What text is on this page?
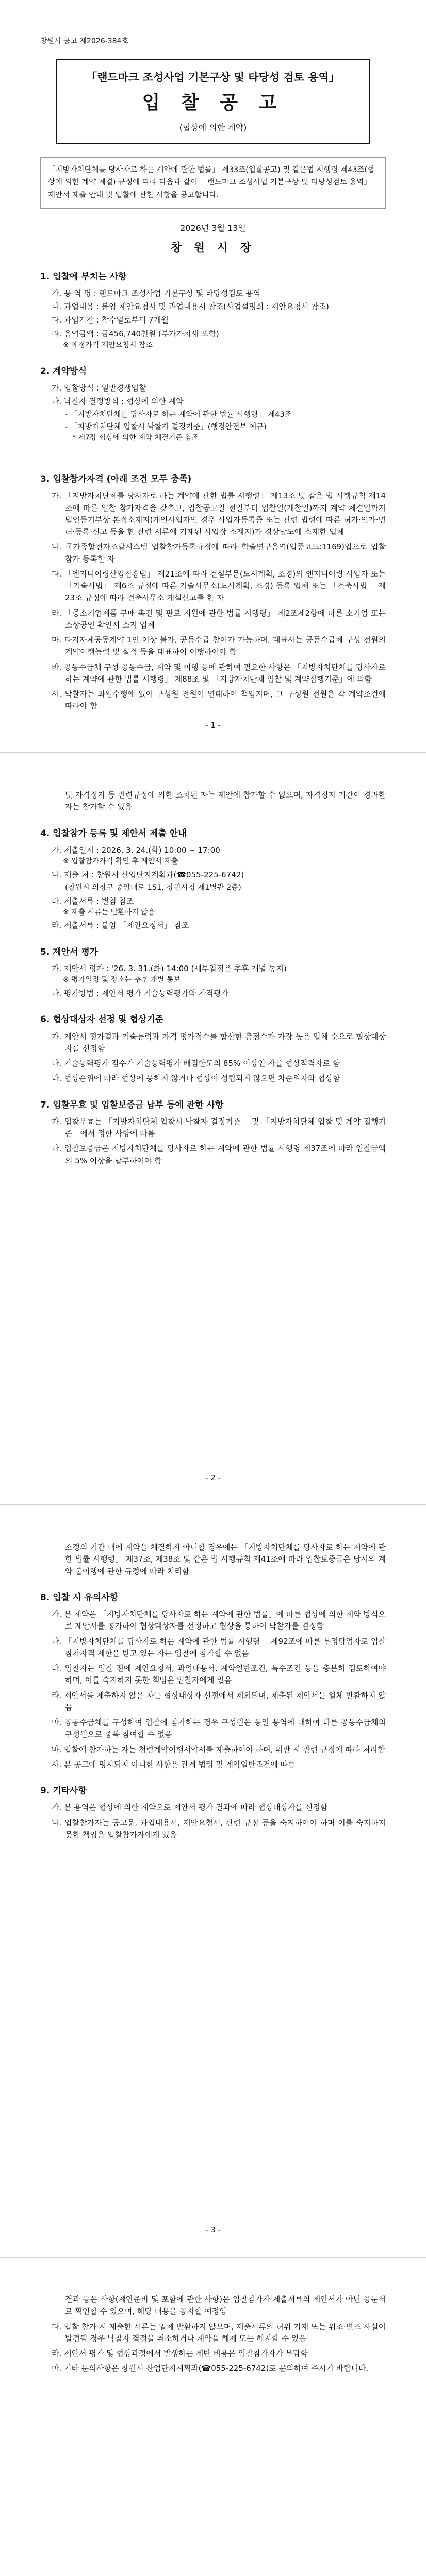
창원시 공고 제2026-384호
「랜드마크 조성사업 기본구상 및 타당성 검토 용역」
입 찰 공 고
(협상에 의한 계약)
「지방자치단체를 당사자로 하는 계약에 관한 법률」 제33조(입찰공고) 및 같은법 시행령 제43조(협상에 의한 계약 체결) 규정에 따라 다음과 같이 「랜드마크 조성사업 기본구상 및 타당성검토 용역」 제안서 제출 안내 및 입찰에 관한 사항을 공고합니다.
2026년 3월 13일
창 원 시 장
1. 입찰에 부치는 사항
가. 용 역 명 : 랜드마크 조성사업 기본구상 및 타당성검토 용역
나. 과업내용 : 붙임 제안요청서 및 과업내용서 참조(사업설명회 : 제안요청서 참조)
다. 과업기간 : 착수일로부터 7개월
라. 용역금액 : 금456,740천원 (부가가치세 포함)
※ 예정가격 제안요청서 참조
2. 계약방식
가. 입찰방식 : 일반경쟁입찰
나. 낙찰자 결정방식 : 협상에 의한 계약
- 「지방자치단체를 당사자로 하는 계약에 관한 법률 시행령」 제43조
- 「지방자치단체 입찰시 낙찰자 결정기준」(행정안전부 예규)
* 제7장 협상에 의한 계약 체결기준 참조
3. 입찰참가자격 (아래 조건 모두 충족)
가. 「지방자치단체를 당사자로 하는 계약에 관한 법률 시행령」 제13조 및 같은 법 시행규칙 제14조에 따른 입찰 참가자격을 갖추고, 입찰공고일 전일부터 입찰일(개찰일)까지 계약 체결일까지 법인등기부상 본점소재지(개인사업자인 경우 사업자등록증 또는 관련 법령에 따른 허가·인가·면허·등록·신고 등을 한 관련 서류에 기재된 사업장 소재지)가 경상남도에 소재한 업체
나. 국가종합전자조달시스템 입찰참가등록규정에 따라 학술연구용역(업종코드:1169)업으로 입찰참가 등록한 자
다. 「엔지니어링산업진흥법」 제21조에 따라 건설부문(도시계획, 조경)의 엔지니어링 사업자 또는 「기술사법」 제6조 규정에 따른 기술사무소(도시계획, 조경) 등록 업체 또는 「건축사법」 제23조 규정에 따라 건축사무소 개설신고를 한 자
라. 「중소기업제품 구매 촉진 및 판로 지원에 관한 법률 시행령」 제2조제2항에 따른 소기업 또는 소상공인 확인서 소지 업체
마. 타지자체공동계약 1인 이상 불가, 공동수급 참여가 가능하며, 대표사는 공동수급체 구성 전원의 계약이행능력 및 실적 등을 대표하여 이행하여야 함
바. 공동수급체 구성 공동수급, 계약 및 이행 등에 관하여 필요한 사항은 「지방자치단체를 당사자로 하는 계약에 관한 법률 시행령」 제88조 및 「지방자치단체 입찰 및 계약집행기준」에 의함
사. 낙찰자는 과업수행에 있어 구성원 전원이 연대하여 책임지며, 그 구성원 전원은 각 계약조건에 따라야 함
- 1 -
및 자격정지 등 관련규정에 의한 조치된 자는 제안에 참가할 수 없으며, 자격정지 기간이 경과한 자는 참가할 수 있음
4. 입찰참가 등록 및 제안서 제출 안내
가. 제출일시 : 2026. 3. 24.(화) 10:00 ~ 17:00
※ 입찰참가자격 확인 후 제안서 제출
나. 제출 처 : 창원시 산업단지계획과(☎055-225-6742)
(창원시 의창구 중앙대로 151, 창원시청 제1별관 2층)
다. 제출서류 : 별첨 참조
※ 제출 서류는 반환하지 않음
라. 제출서류 : 붙임 「제안요청서」 참조
5. 제안서 평가
가. 제안서 평가 : '26. 3. 31.(화) 14:00 (세부일정은 추후 개별 통지)
※ 평가일정 및 장소는 추후 개별 통보
나. 평가방법 : 제안서 평가 기술능력평가와 가격평가
6. 협상대상자 선정 및 협상기준
가. 제안서 평가결과 기술능력과 가격 평가점수를 합산한 총점수가 가장 높은 업체 순으로 협상대상자를 선정함
나. 기술능력평가 점수가 기술능력평가 배점한도의 85% 이상인 자를 협상적격자로 함
다. 협상순위에 따라 협상에 응하지 않거나 협상이 성립되지 않으면 차순위자와 협상함
7. 입찰무효 및 입찰보증금 납부 등에 관한 사항
가. 입찰무효는 「지방자치단체 입찰시 낙찰자 결정기준」 및 「지방자치단체 입찰 및 계약 집행기준」에서 정한 사항에 따름
나. 입찰보증금은 지방자치단체를 당사자로 하는 계약에 관한 법률 시행령 제37조에 따라 입찰금액의 5% 이상을 납부하여야 함
- 2 -
소정의 기간 내에 계약을 체결하지 아니할 경우에는 「지방자치단체를 당사자로 하는 계약에 관한 법률 시행령」 제37조, 제38조 및 같은 법 시행규칙 제41조에 따라 입찰보증금은 당시의 계약 불이행에 관한 규정에 따라 처리함
8. 입찰 시 유의사항
가. 본 계약은 「지방자치단체를 당사자로 하는 계약에 관한 법률」에 따른 협상에 의한 계약 방식으로 제안서를 평가하여 협상대상자를 선정하고 협상을 통하여 낙찰자를 결정함
나. 「지방자치단체를 당사자로 하는 계약에 관한 법률 시행령」 제92조에 따른 부정당업자로 입찰참가자격 제한을 받고 있는 자는 입찰에 참가할 수 없음
다. 입찰자는 입찰 전에 제안요청서, 과업내용서, 계약일반조건, 특수조건 등을 충분히 검토하여야 하며, 이를 숙지하지 못한 책임은 입찰자에게 있음
라. 제안서를 제출하지 않은 자는 협상대상자 선정에서 제외되며, 제출된 제안서는 일체 반환하지 않음
마. 공동수급체를 구성하여 입찰에 참가하는 경우 구성원은 동일 용역에 대하여 다른 공동수급체의 구성원으로 중복 참여할 수 없음
바. 입찰에 참가하는 자는 청렴계약이행서약서를 제출하여야 하며, 위반 시 관련 규정에 따라 처리함
사. 본 공고에 명시되지 아니한 사항은 관계 법령 및 계약일반조건에 따름
9. 기타사항
가. 본 용역은 협상에 의한 계약으로 제안서 평가 결과에 따라 협상대상자를 선정함
나. 입찰참가자는 공고문, 과업내용서, 제안요청서, 관련 규정 등을 숙지하여야 하며 이를 숙지하지 못한 책임은 입찰참가자에게 있음
- 3 -
결과 등은 사항(제안준비 및 포함에 관한 사항)은 입찰참가자 제출서류의 제안서가 아닌 공문서로 확인할 수 있으며, 해당 내용을 공지할 예정임
다. 입찰 참가 시 제출한 서류는 일체 반환하지 않으며, 제출서류의 허위 기재 또는 위조·변조 사실이 발견될 경우 낙찰자 결정을 취소하거나 계약을 해제 또는 해지할 수 있음
라. 제안서 평가 및 협상과정에서 발생하는 제반 비용은 입찰참가자가 부담함
마. 기타 문의사항은 창원시 산업단지계획과(☎055-225-6742)로 문의하여 주시기 바랍니다.
